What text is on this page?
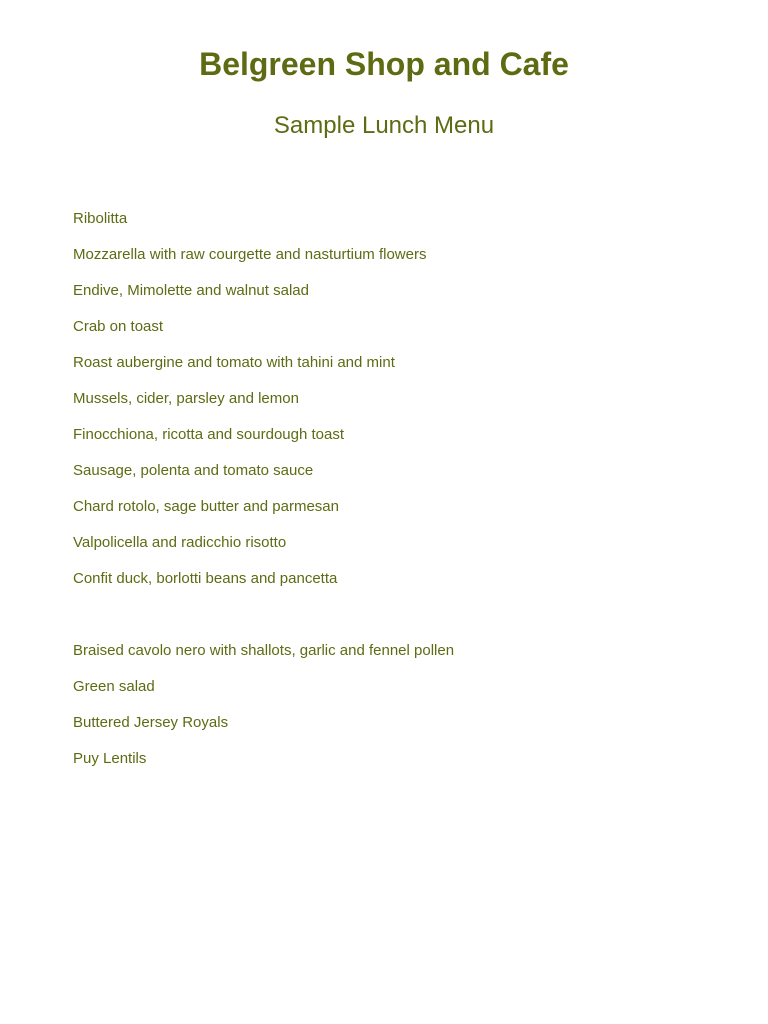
Belgreen Shop and Cafe
Sample Lunch Menu
Ribolitta
Mozzarella with raw courgette and nasturtium flowers
Endive, Mimolette and walnut salad
Crab on toast
Roast aubergine and tomato with tahini and mint
Mussels, cider, parsley and lemon
Finocchiona, ricotta and sourdough toast
Sausage, polenta and tomato sauce
Chard rotolo, sage butter and parmesan
Valpolicella and radicchio risotto
Confit duck, borlotti beans and pancetta
Braised cavolo nero with shallots, garlic and fennel pollen
Green salad
Buttered Jersey Royals
Puy Lentils
